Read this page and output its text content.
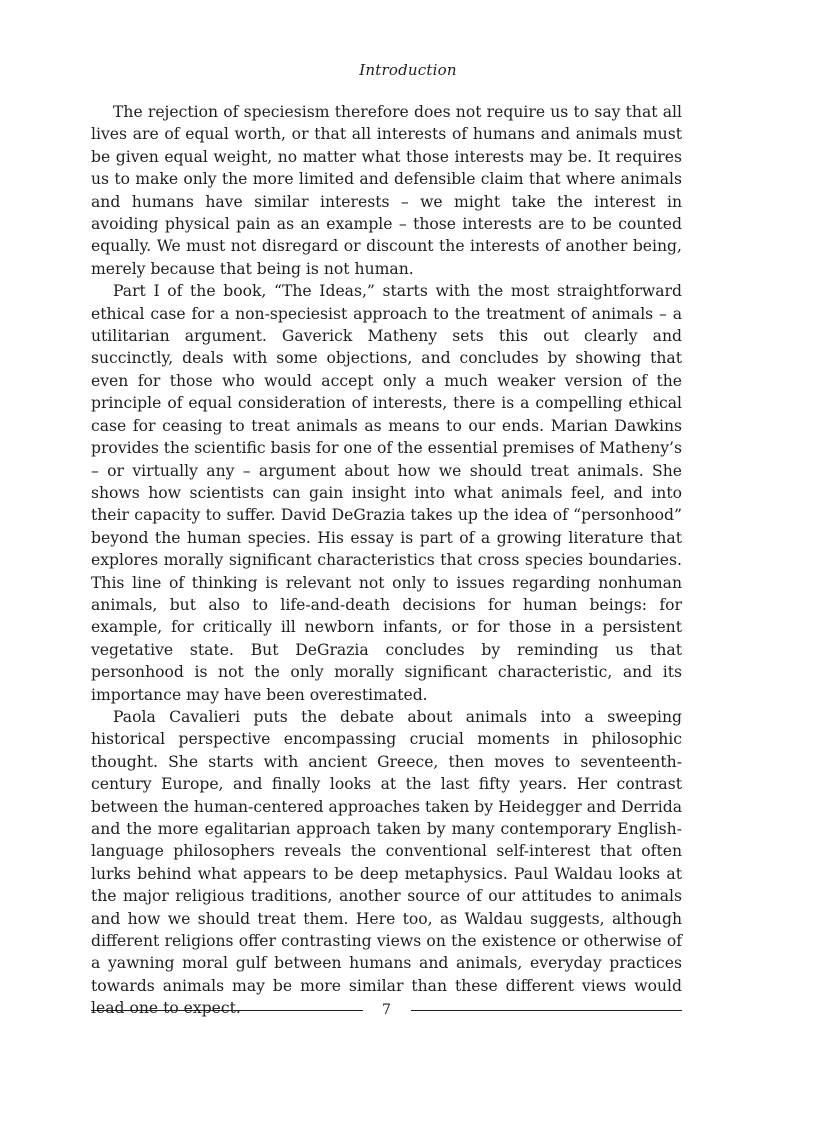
Introduction

The rejection of speciesism therefore does not require us to say that all lives are of equal worth, or that all interests of humans and animals must be given equal weight, no matter what those interests may be. It requires us to make only the more limited and defensible claim that where animals and humans have similar interests – we might take the interest in avoiding physical pain as an example – those interests are to be counted equally. We must not disregard or discount the interests of another being, merely because that being is not human.

Part I of the book, “The Ideas,” starts with the most straightforward ethical case for a non-speciesist approach to the treatment of animals – a utilitarian argument. Gaverick Matheny sets this out clearly and succinctly, deals with some objections, and concludes by showing that even for those who would accept only a much weaker version of the principle of equal consideration of interests, there is a compelling ethical case for ceasing to treat animals as means to our ends. Marian Dawkins provides the scientific basis for one of the essential premises of Matheny’s – or virtually any – argument about how we should treat animals. She shows how scientists can gain insight into what animals feel, and into their capacity to suffer. David DeGrazia takes up the idea of “personhood” beyond the human species. His essay is part of a growing literature that explores morally significant characteristics that cross species boundaries. This line of thinking is relevant not only to issues regarding nonhuman animals, but also to life-and-death decisions for human beings: for example, for critically ill newborn infants, or for those in a persistent vegetative state. But DeGrazia concludes by reminding us that personhood is not the only morally significant characteristic, and its importance may have been overestimated.

Paola Cavalieri puts the debate about animals into a sweeping historical perspective encompassing crucial moments in philosophic thought. She starts with ancient Greece, then moves to seventeenth-century Europe, and finally looks at the last fifty years. Her contrast between the human-centered approaches taken by Heidegger and Derrida and the more egalitarian approach taken by many contemporary English-language philosophers reveals the conventional self-interest that often lurks behind what appears to be deep metaphysics. Paul Waldau looks at the major religious traditions, another source of our attitudes to animals and how we should treat them. Here too, as Waldau suggests, although different religions offer contrasting views on the existence or otherwise of a yawning moral gulf between humans and animals, everyday practices towards animals may be more similar than these different views would lead one to expect.	7
